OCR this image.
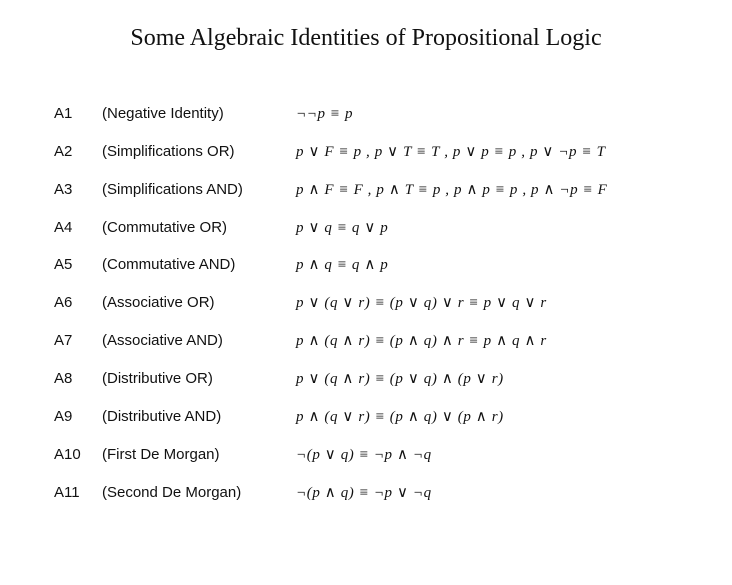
Some Algebraic Identities of Propositional Logic
A1 (Negative Identity)	¬¬p ≡ p
A2 (Simplifications OR)	p ∨ F ≡ p , p ∨ T ≡ T , p ∨ p ≡ p , p ∨ ¬p ≡ T
A3 (Simplifications AND)	p ∧ F ≡ F , p ∧ T ≡ p , p ∧ p ≡ p , p ∧ ¬p ≡ F
A4 (Commutative OR)	p ∨ q ≡ q ∨ p
A5 (Commutative AND)	p ∧ q ≡ q ∧ p
A6 (Associative OR)	p ∨ (q ∨ r) ≡ (p ∨ q) ∨ r ≡ p ∨ q ∨ r
A7 (Associative AND)	p ∧ (q ∧ r) ≡ (p ∧ q) ∧ r ≡ p ∧ q ∧ r
A8 (Distributive OR)	p ∨ (q ∧ r) ≡ (p ∨ q) ∧ (p ∨ r)
A9 (Distributive AND)	p ∧ (q ∨ r) ≡ (p ∧ q) ∨ (p ∧ r)
A10 (First De Morgan)	¬(p ∨ q) ≡ ¬p ∧ ¬q
A11 (Second De Morgan)	¬(p ∧ q) ≡ ¬p ∨ ¬q
